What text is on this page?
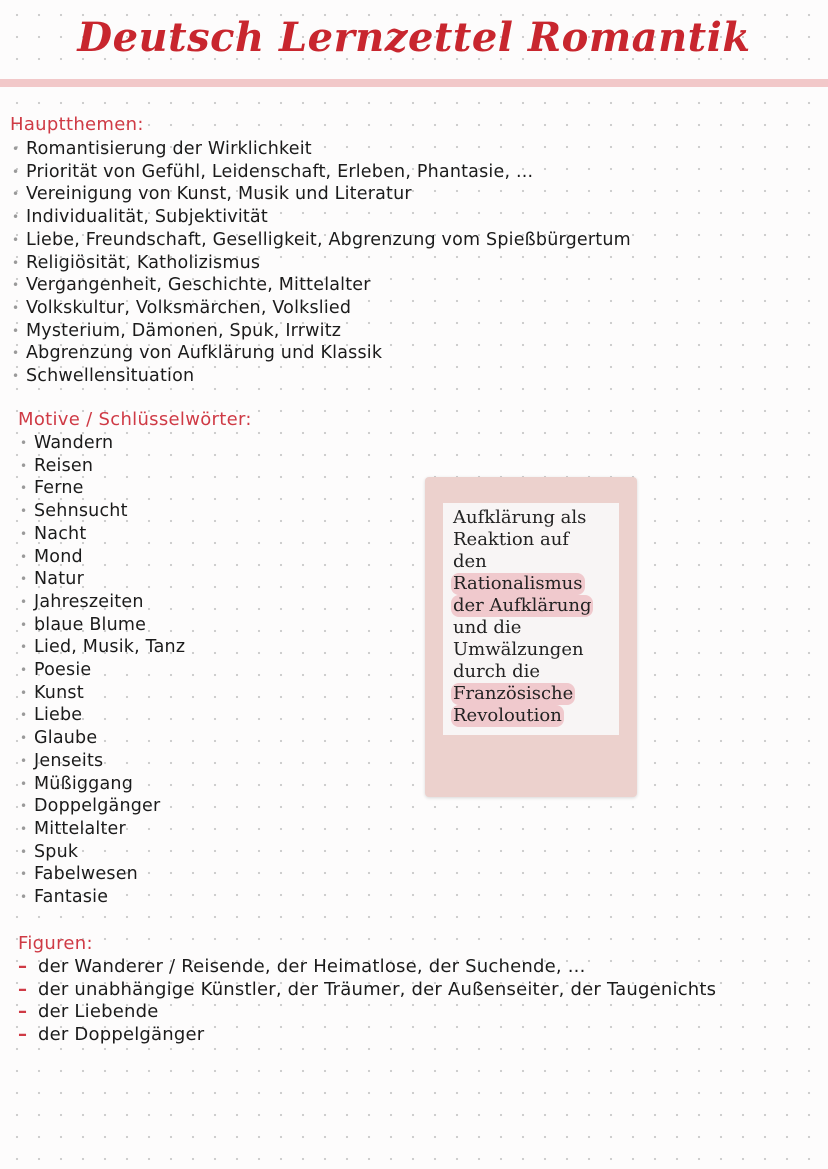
Deutsch Lernzettel Romantik
Hauptthemen:
• Romantisierung der Wirklichkeit
• Priorität von Gefühl, Leidenschaft, Erleben, Phantasie, ...
• Vereinigung von Kunst, Musik und Literatur
• Individualität, Subjektivität
• Liebe, Freundschaft, Geselligkeit, Abgrenzung vom Spießbürgertum
• Religiösität, Katholizismus
• Vergangenheit, Geschichte, Mittelalter
• Volkskultur, Volksmärchen, Volkslied
• Mysterium, Dämonen, Spuk, Irrwitz
• Abgrenzung von Aufklärung und Klassik
• Schwellensituation
Motive / Schlüsselwörter:
• Wandern
• Reisen
• Ferne
• Sehnsucht
• Nacht
• Mond
• Natur
• Jahreszeiten
• blaue Blume
• Lied, Musik, Tanz
• Poesie
• Kunst
• Liebe
• Glaube
• Jenseits
• Müßiggang
• Doppelgänger
• Mittelalter
• Spuk
• Fabelwesen
• Fantasie

Aufklärung als
Reaktion auf
den
Rationalismus
der Aufklärung

und die
Umwälzungen
durch die
Französische
Revoloution

Figuren:
– der Wanderer / Reisende, der Heimatlose, der Suchende, ...
– der unabhängige Künstler, der Träumer, der Außenseiter, der Taugenichts
– der Liebende
– der Doppelgänger
